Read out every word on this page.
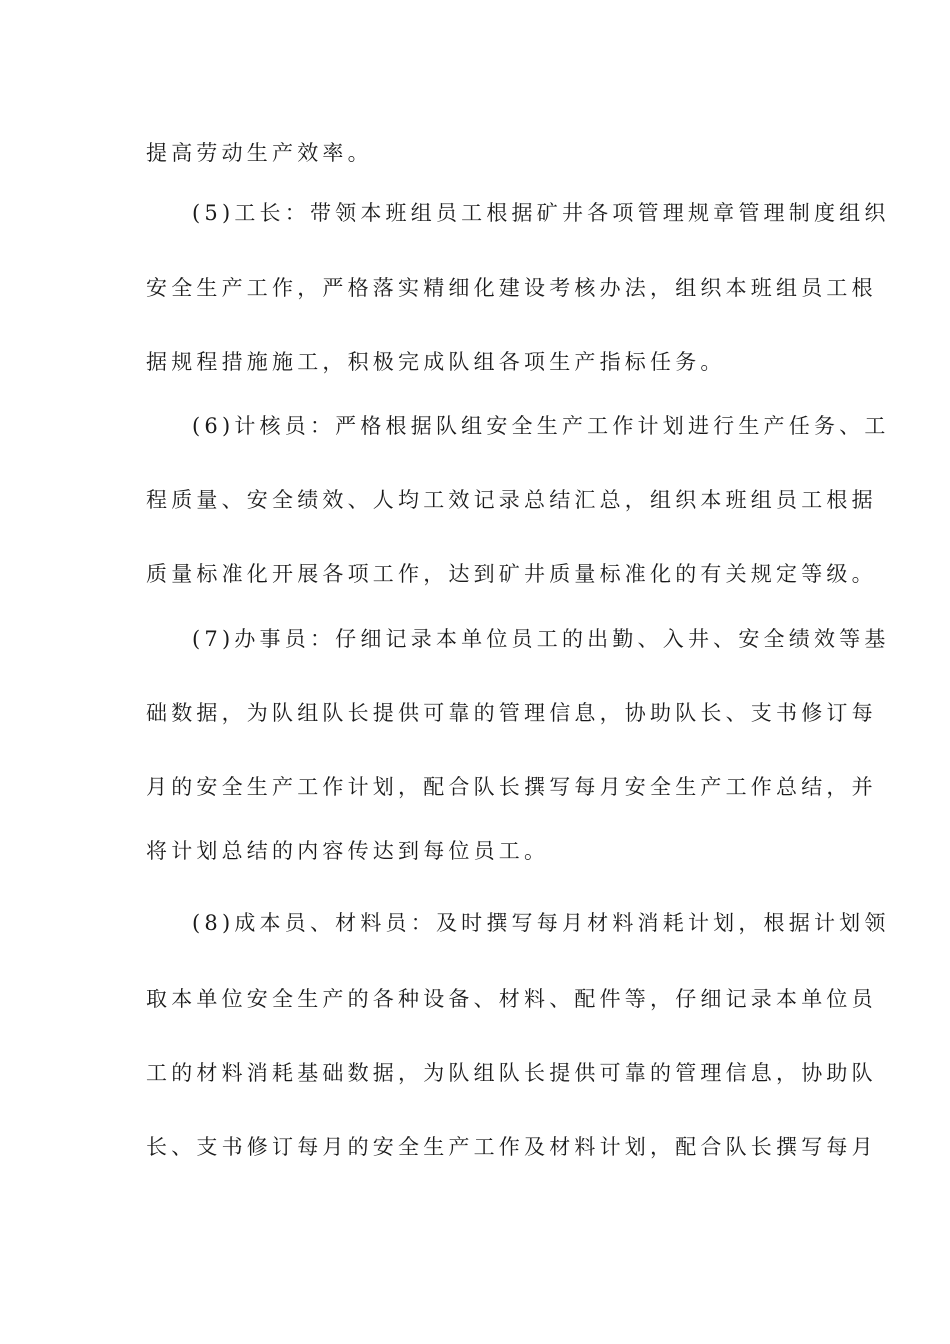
提高劳动生产效率。
(5)工长：带领本班组员工根据矿井各项管理规章管理制度组织
安全生产工作，严格落实精细化建设考核办法，组织本班组员工根
据规程措施施工，积极完成队组各项生产指标任务。
(6)计核员：严格根据队组安全生产工作计划进行生产任务、工
程质量、安全绩效、人均工效记录总结汇总，组织本班组员工根据
质量标准化开展各项工作，达到矿井质量标准化的有关规定等级。
(7)办事员：仔细记录本单位员工的出勤、入井、安全绩效等基
础数据，为队组队长提供可靠的管理信息，协助队长、支书修订每
月的安全生产工作计划，配合队长撰写每月安全生产工作总结，并
将计划总结的内容传达到每位员工。
(8)成本员、材料员：及时撰写每月材料消耗计划，根据计划领
取本单位安全生产的各种设备、材料、配件等，仔细记录本单位员
工的材料消耗基础数据，为队组队长提供可靠的管理信息，协助队
长、支书修订每月的安全生产工作及材料计划，配合队长撰写每月
